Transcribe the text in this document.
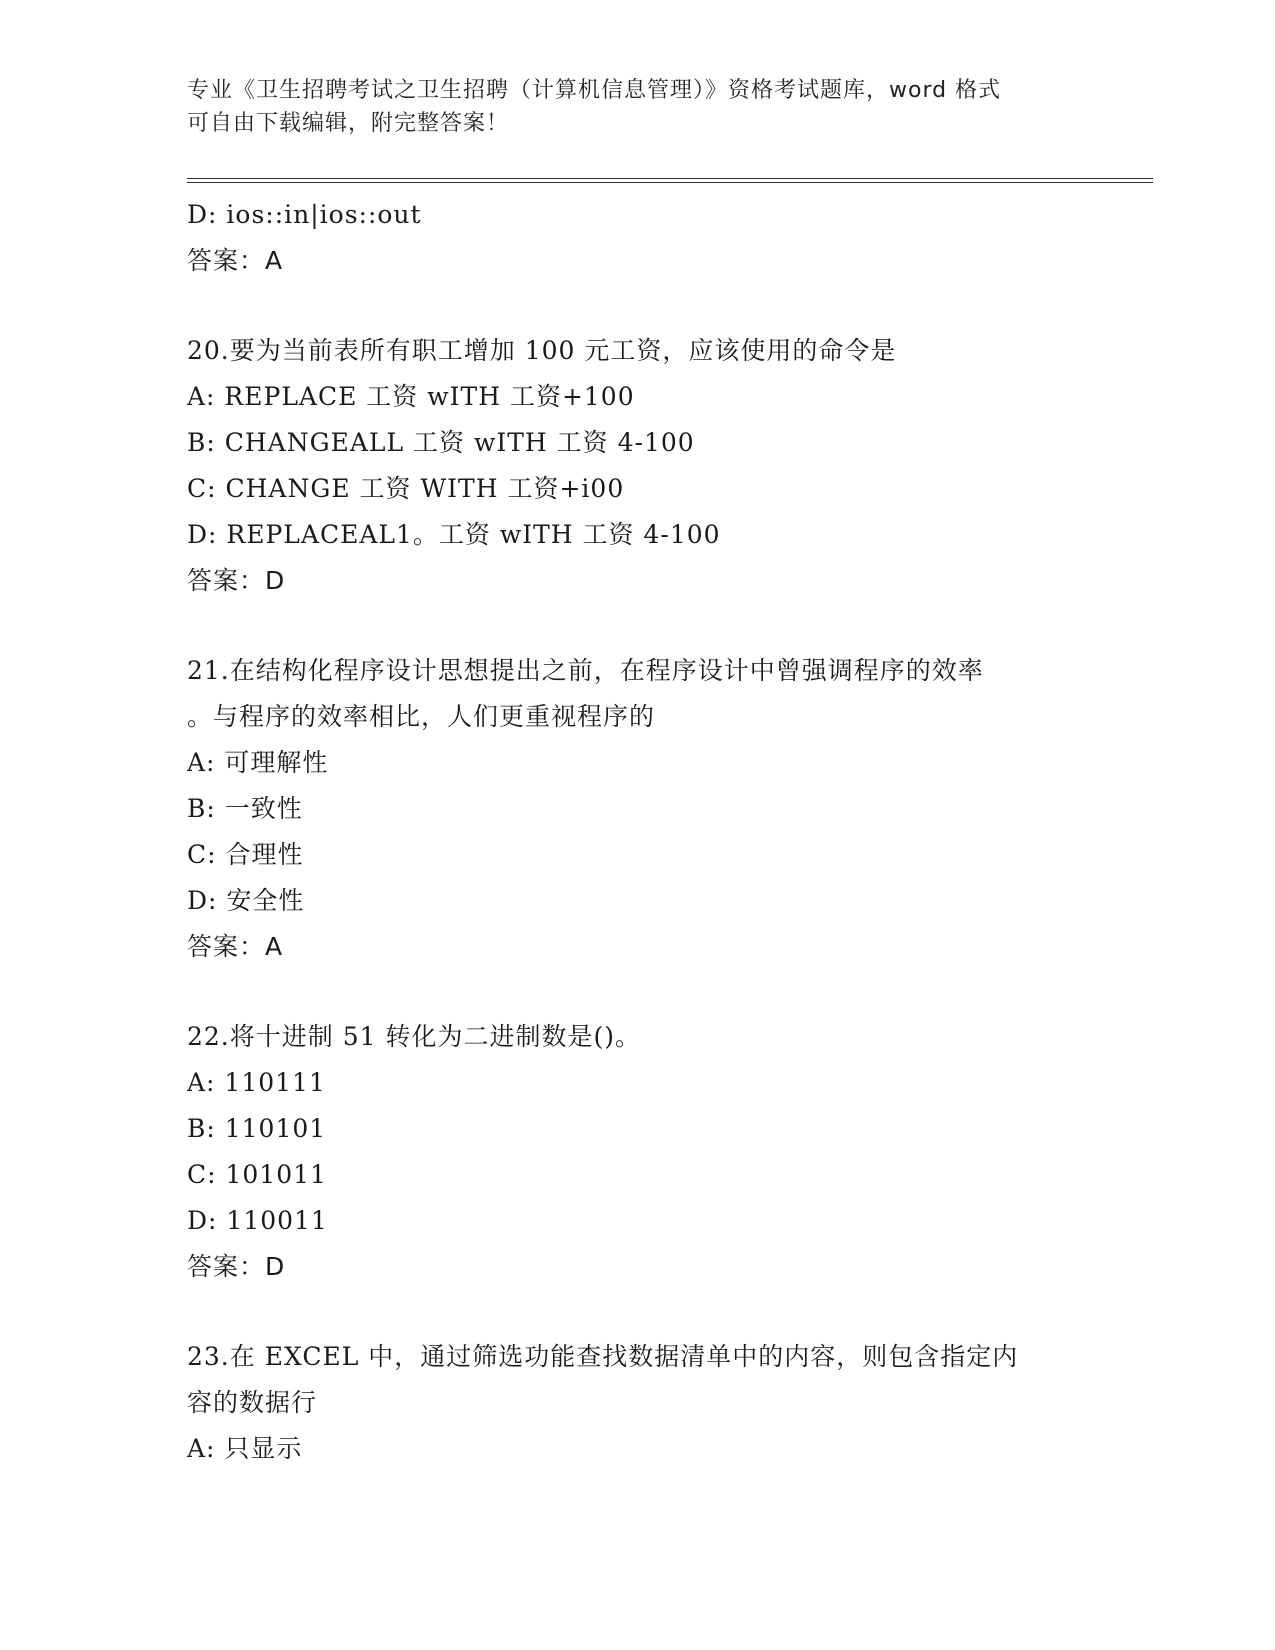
专业《卫生招聘考试之卫生招聘（计算机信息管理）》资格考试题库，word 格式
可自由下载编辑，附完整答案！
D: ios::in|ios::out
答案：A
20.要为当前表所有职工增加 100 元工资，应该使用的命令是
A: REPLACE 工资 wITH 工资+100
B: CHANGEALL 工资 wITH 工资 4-100
C: CHANGE 工资 WITH 工资+i00
D: REPLACEAL1。工资 wITH 工资 4-100
答案：D
21.在结构化程序设计思想提出之前，在程序设计中曾强调程序的效率
。与程序的效率相比，人们更重视程序的
A: 可理解性
B: 一致性
C: 合理性
D: 安全性
答案：A
22.将十进制 51 转化为二进制数是()。
A: 110111
B: 110101
C: 101011
D: 110011
答案：D
23.在 EXCEL 中，通过筛选功能查找数据清单中的内容，则包含指定内
容的数据行
A: 只显示
